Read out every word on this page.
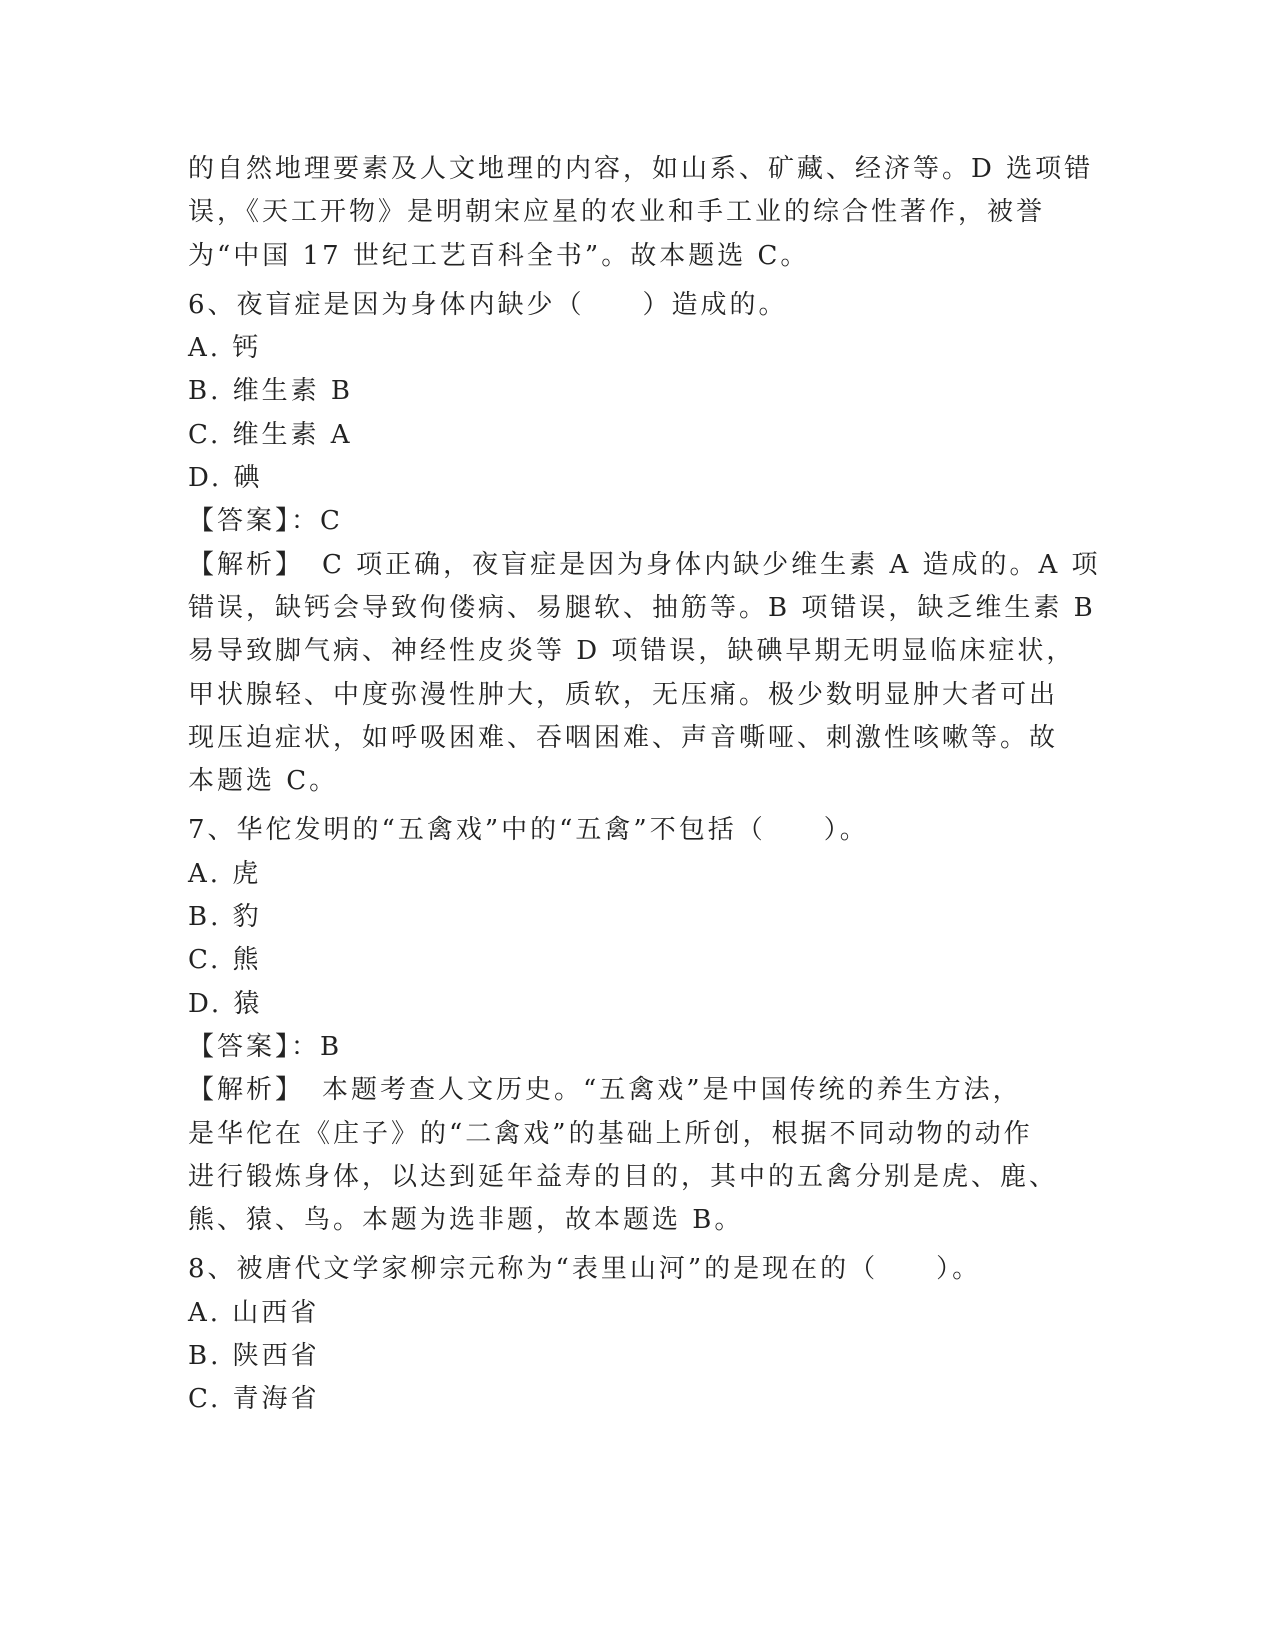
的自然地理要素及人文地理的内容，如山系、矿藏、经济等。D 选项错
误，《天工开物》是明朝宋应星的农业和手工业的综合性著作，被誉
为“中国 17 世纪工艺百科全书”。故本题选 C。
6、夜盲症是因为身体内缺少（　　）造成的。
A. 钙
B. 维生素 B
C. 维生素 A
D. 碘
【答案】：C
【解析】 C 项正确，夜盲症是因为身体内缺少维生素 A 造成的。A 项
错误，缺钙会导致佝偻病、易腿软、抽筋等。B 项错误，缺乏维生素 B
易导致脚气病、神经性皮炎等 D 项错误，缺碘早期无明显临床症状，
甲状腺轻、中度弥漫性肿大，质软，无压痛。极少数明显肿大者可出
现压迫症状，如呼吸困难、吞咽困难、声音嘶哑、刺激性咳嗽等。故
本题选 C。
7、华佗发明的“五禽戏”中的“五禽”不包括（　　）。
A. 虎
B. 豹
C. 熊
D. 猿
【答案】：B
【解析】 本题考查人文历史。“五禽戏”是中国传统的养生方法，
是华佗在《庄子》的“二禽戏”的基础上所创，根据不同动物的动作
进行锻炼身体，以达到延年益寿的目的，其中的五禽分别是虎、鹿、
熊、猿、鸟。本题为选非题，故本题选 B。
8、被唐代文学家柳宗元称为“表里山河”的是现在的（　　）。
A. 山西省
B. 陕西省
C. 青海省
